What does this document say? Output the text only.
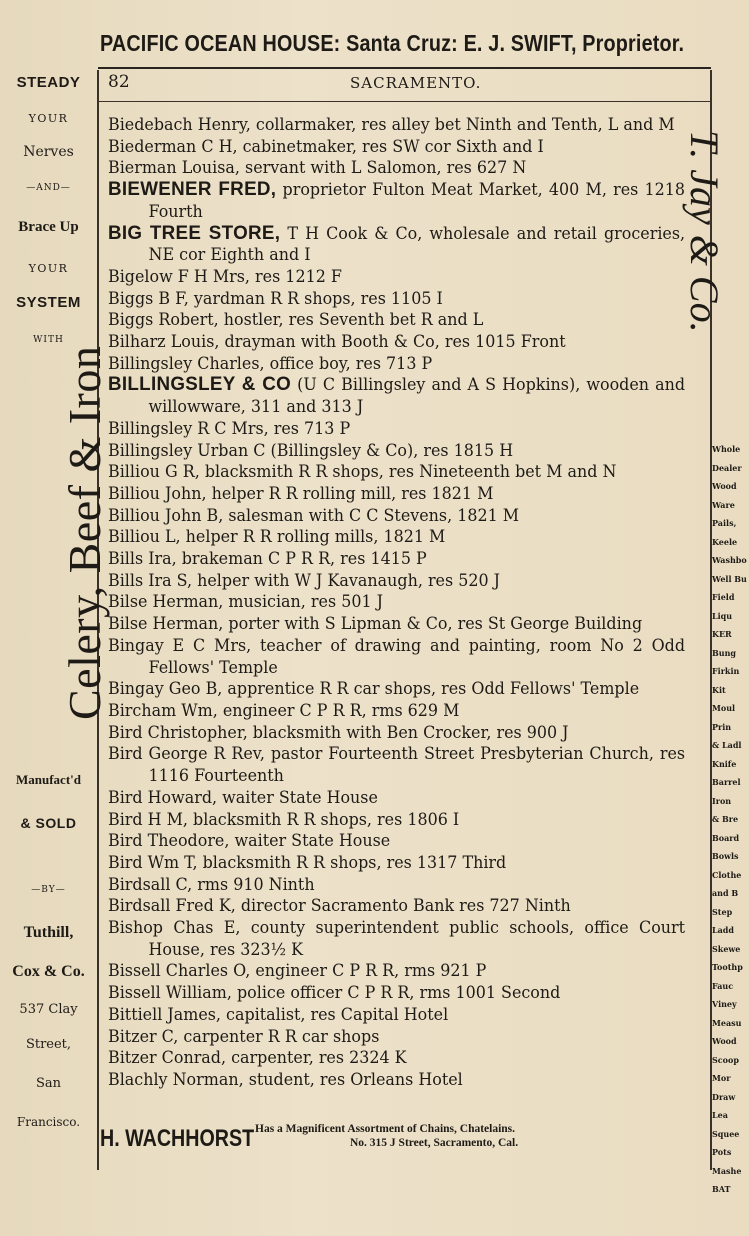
PACIFIC OCEAN HOUSE: Santa Cruz: E. J. SWIFT, Proprietor.
82	SACRAMENTO.
STEADY
YOUR
Nerves
—AND—
Brace Up
YOUR
SYSTEM
WITH
Celery, Beef & Iron
Manufact'd
& SOLD
—BY—
Tuthill,
Cox & Co.
537 Clay
Street,
San
Francisco.
T. Jay & Co.
Whole
Dealer
Wood
Ware
Pails,
Keele
Washbo
Well Bu
Field
Liqu
KER
Bung
Firkin
Kit
Moul
Prin
& Ladl
Knife
Barrel
Iron
& Bre
Board
Bowls
Clothe
and B
Step
Ladd
Skewe
Toothp
Fauc
Viney
Measu
Wood
Scoop
Mor
Draw
Lea
Squee
Pots
Mashe
BAT
Biedebach Henry, collarmaker, res alley bet Ninth and Tenth, L and M
Biederman C H, cabinetmaker, res SW cor Sixth and I
Bierman Louisa, servant with L Salomon, res 627 N
BIEWENER FRED, proprietor Fulton Meat Market, 400 M, res 1218 Fourth
BIG TREE STORE, T H Cook & Co, wholesale and retail groceries, NE cor Eighth and I
Bigelow F H Mrs, res 1212 F
Biggs B F, yardman R R shops, res 1105 I
Biggs Robert, hostler, res Seventh bet R and L
Bilharz Louis, drayman with Booth & Co, res 1015 Front
Billingsley Charles, office boy, res 713 P
BILLINGSLEY & CO (U C Billingsley and A S Hopkins), wooden and willowware, 311 and 313 J
Billingsley R C Mrs, res 713 P
Billingsley Urban C (Billingsley & Co), res 1815 H
Billiou G R, blacksmith R R shops, res Nineteenth bet M and N
Billiou John, helper R R rolling mill, res 1821 M
Billiou John B, salesman with C C Stevens, 1821 M
Billiou L, helper R R rolling mills, 1821 M
Bills Ira, brakeman C P R R, res 1415 P
Bills Ira S, helper with W J Kavanaugh, res 520 J
Bilse Herman, musician, res 501 J
Bilse Herman, porter with S Lipman & Co, res St George Building
Bingay E C Mrs, teacher of drawing and painting, room No 2 Odd Fellows' Temple
Bingay Geo B, apprentice R R car shops, res Odd Fellows' Temple
Bircham Wm, engineer C P R R, rms 629 M
Bird Christopher, blacksmith with Ben Crocker, res 900 J
Bird George R Rev, pastor Fourteenth Street Presbyterian Church, res 1116 Fourteenth
Bird Howard, waiter State House
Bird H M, blacksmith R R shops, res 1806 I
Bird Theodore, waiter State House
Bird Wm T, blacksmith R R shops, res 1317 Third
Birdsall C, rms 910 Ninth
Birdsall Fred K, director Sacramento Bank res 727 Ninth
Bishop Chas E, county superintendent public schools, office Court House, res 323½ K
Bissell Charles O, engineer C P R R, rms 921 P
Bissell William, police officer C P R R, rms 1001 Second
Bittiell James, capitalist, res Capital Hotel
Bitzer C, carpenter R R car shops
Bitzer Conrad, carpenter, res 2324 K
Blachly Norman, student, res Orleans Hotel
H. WACHHORST Has a Magnificent Assortment of Chains, Chatelains.
No. 315 J Street, Sacramento, Cal.
